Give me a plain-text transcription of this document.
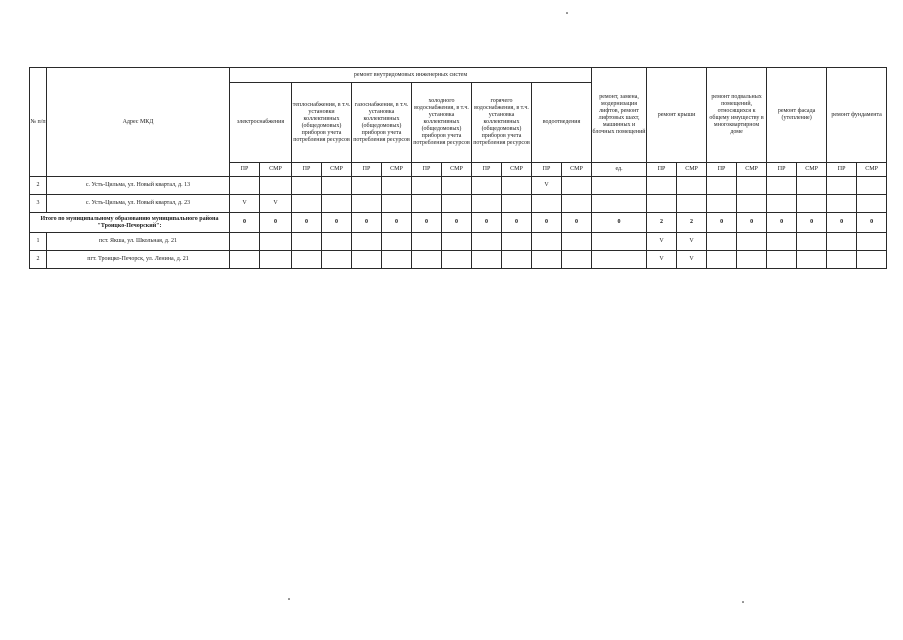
№ п/п	Адрес МКД	ремонт внутридомовых инженерных систем												ремонт, замена, модернизация лифтов, ремонт лифтовых шахт, машинных и блочных помещений	ремонт крыши		ремонт подвальных помещений, относящихся к общему имуществу в многоквартирном доме		ремонт фасада (утепление)		ремонт фундамента	
		электроснабжения		теплоснабжения, в т.ч. установки коллективных (общедомовых) приборов учета потребления ресурсов		газоснабжения, в т.ч. установка коллективных (общедомовых) приборов учета потребления ресурсов		холодного водоснабжения, в т.ч. установка коллективных (общедомовых) приборов учета потребления ресурсов		горячего водоснабжения, в т.ч. установка коллективных (общедомовых) приборов учета потребления ресурсов		водоотведения										
		ПР	СМР	ПР	СМР	ПР	СМР	ПР	СМР	ПР	СМР	ПР	СМР	ед.	ПР	СМР	ПР	СМР	ПР	СМР	ПР	СМР
2	с. Усть-Цильма, ул. Новый квартал, д. 13											V										
3	с. Усть-Цильма, ул. Новый квартал, д. 23	V	V																			
Итого по муниципальному образованию муниципального района "Троицко-Печорский":		0	0	0	0	0	0	0	0	0	0	0	0	0	2	2	0	0	0	0	0	0
1	пст. Якша, ул. Школьная, д. 21														V	V						
2	пгт. Троицко-Печорск, ул. Ленина, д. 21														V	V						
